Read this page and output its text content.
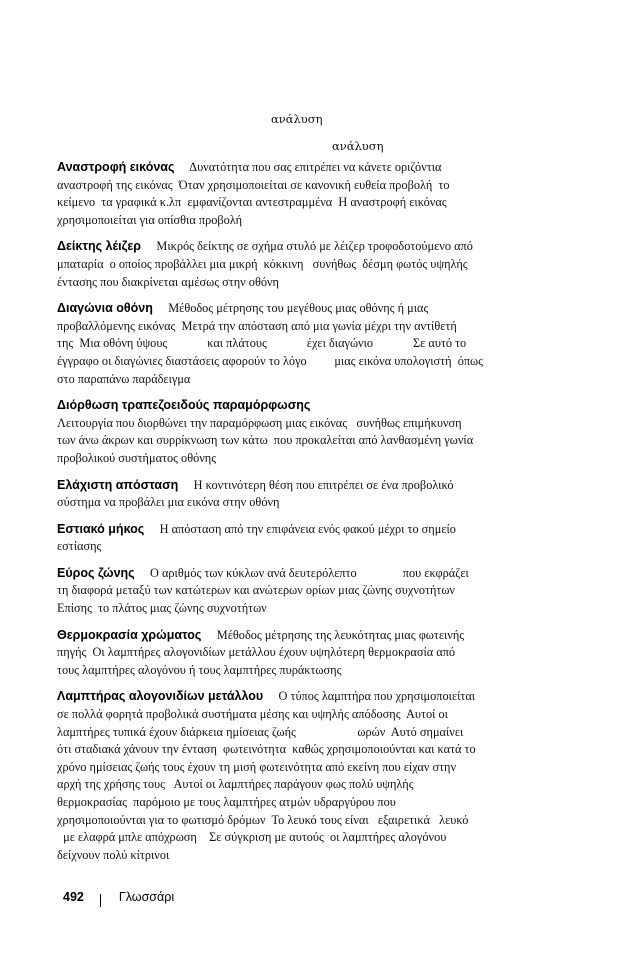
ανάλυση
ανάλυση

Αναστροφή εικόνας     Δυνατότητα που σας επιτρέπει να κάνετε οριζόντια

αναστροφή της εικόνας  Όταν χρησιμοποιείται σε κανονική ευθεία προβολή  το

κείμενο  τα γραφικά κ.λπ  εμφανίζονται αντεστραμμένα  Η αναστροφή εικόνας

χρησιμοποιείται για οπίσθια προβολή

Δείκτης λέιζερ     Μικρός δείκτης σε σχήμα στυλό με λέιζερ τροφοδοτούμενο από

μπαταρία  ο οποίος προβάλλει μια μικρή  κόκκινη   συνήθως  δέσμη φωτός υψηλής

έντασης που διακρίνεται αμέσως στην οθόνη

Διαγώνια οθόνη     Μέθοδος μέτρησης του μεγέθους μιας οθόνης ή μιας

προβαλλόμενης εικόνας  Μετρά την απόσταση από μια γωνία μέχρι την αντίθετή

της  Μια οθόνη ύψους             και πλάτους             έχει διαγώνιο             Σε αυτό το

έγγραφο οι διαγώνιες διαστάσεις αφορούν το λόγο         μιας εικόνα υπολογιστή  όπως

στο παραπάνω παράδειγμα

Διόρθωση τραπεζοειδούς παραμόρφωσης

Λειτουργία που διορθώνει την παραμόρφωση μιας εικόνας   συνήθως επιμήκυνση

των άνω άκρων και συρρίκνωση των κάτω  που προκαλείται από λανθασμένη γωνία

προβολικού συστήματος οθόνης

Ελάχιστη απόσταση     Η κοντινότερη θέση που επιτρέπει σε ένα προβολικό

σύστημα να προβάλει μια εικόνα στην οθόνη

Εστιακό μήκος     Η απόσταση από την επιφάνεια ενός φακού μέχρι το σημείο

εστίασης

Εύρος ζώνης     Ο αριθμός των κύκλων ανά δευτερόλεπτο               που εκφράζει

τη διαφορά μεταξύ των κατώτερων και ανώτερων ορίων μιας ζώνης συχνοτήτων

Επίσης  το πλάτος μιας ζώνης συχνοτήτων

Θερμοκρασία χρώματος     Μέθοδος μέτρησης της λευκότητας μιας φωτεινής

πηγής  Οι λαμπτήρες αλογονιδίων μετάλλου έχουν υψηλότερη θερμοκρασία από

τους λαμπτήρες αλογόνου ή τους λαμπτήρες πυράκτωσης

Λαμπτήρας αλογονιδίων μετάλλου     Ο τύπος λαμπτήρα που χρησιμοποιείται

σε πολλά φορητά προβολικά συστήματα μέσης και υψηλής απόδοσης  Αυτοί οι

λαμπτήρες τυπικά έχουν διάρκεια ημίσειας ζωής                    ωρών  Αυτό σημαίνει

ότι σταδιακά χάνουν την ένταση  φωτεινότητα  καθώς χρησιμοποιούνται και κατά το

χρόνο ημίσειας ζωής τους έχουν τη μισή φωτεινότητα από εκείνη που είχαν στην

αρχή της χρήσης τους   Αυτοί οι λαμπτήρες παράγουν φως πολύ υψηλής

θερμοκρασίας  παρόμοιο με τους λαμπτήρες ατμών υδραργύρου που

χρησιμοποιούνται για το φωτισμό δρόμων  Το λευκό τους είναι   εξαιρετικά   λευκό

με ελαφρά μπλε απόχρωση    Σε σύγκριση με αυτούς  οι λαμπτήρες αλογόνου

δείχνουν πολύ κίτρινοι

492	Γλωσσάρι
